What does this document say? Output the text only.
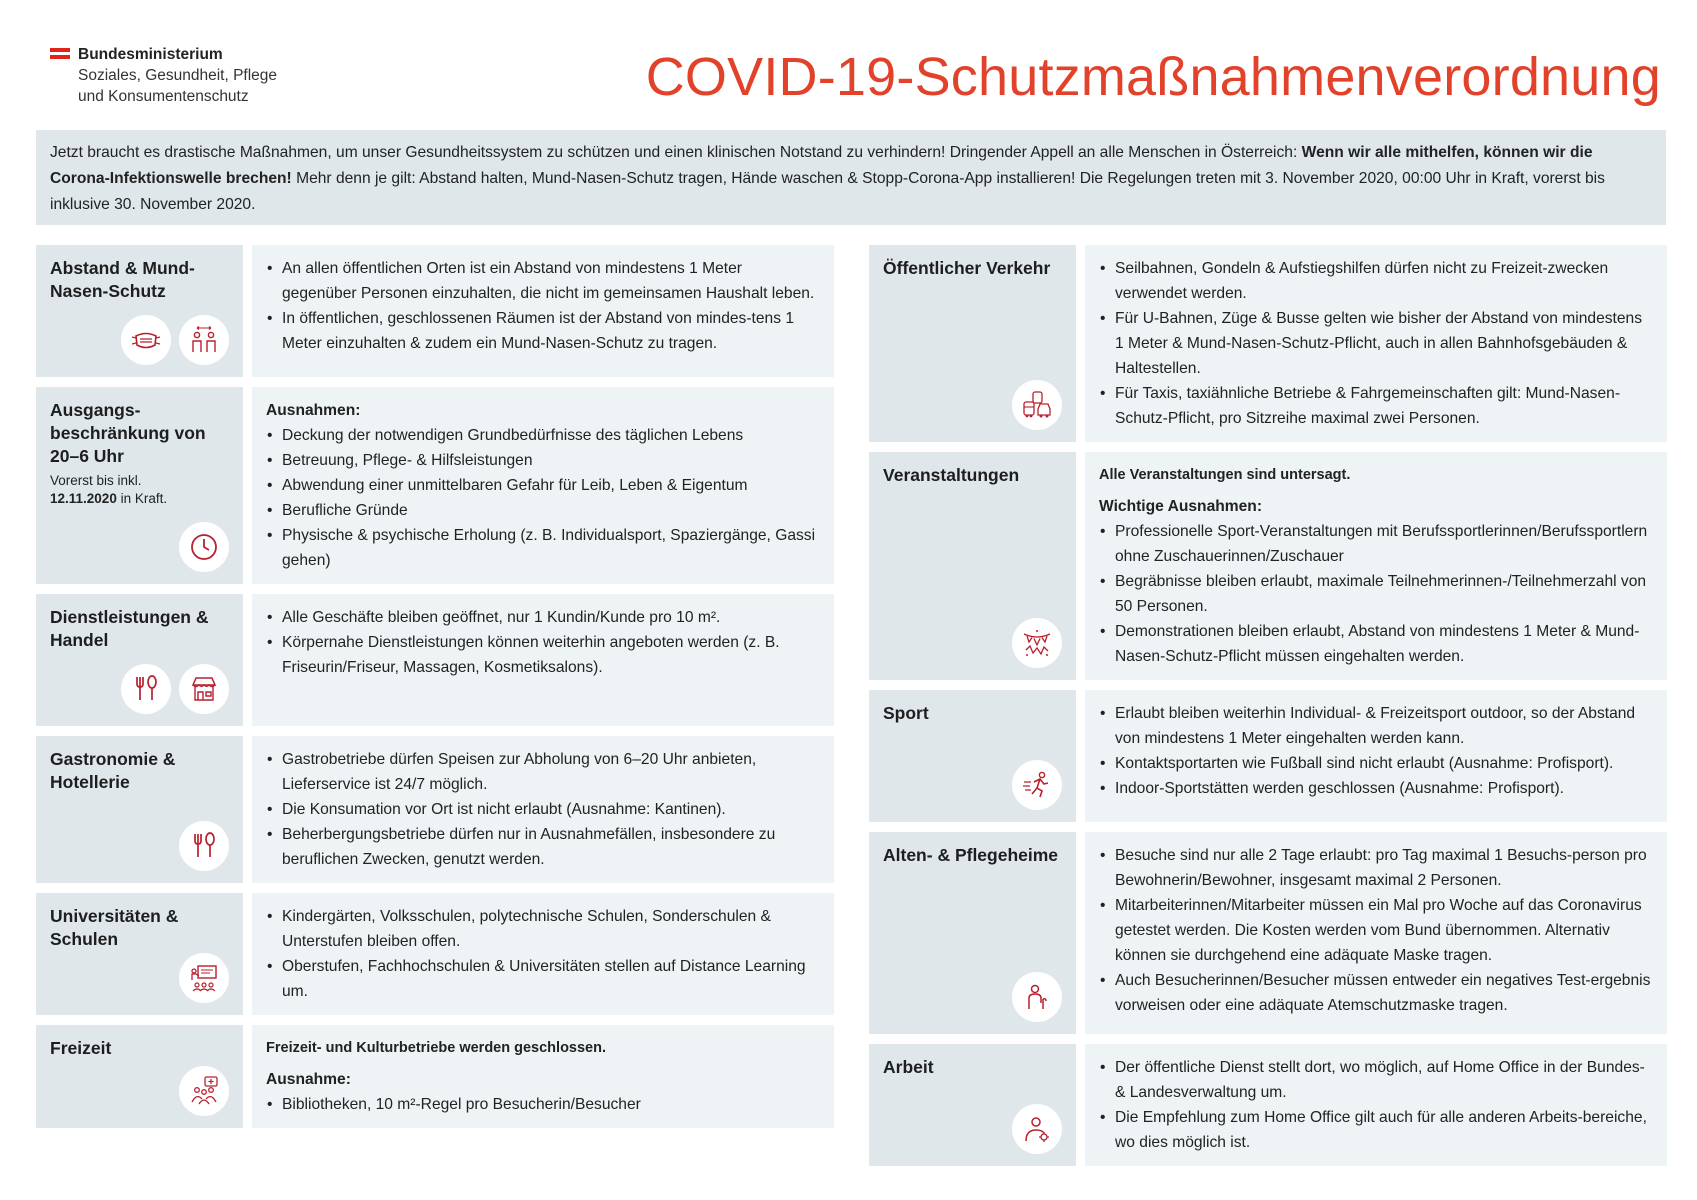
Bundesministerium
Soziales, Gesundheit, Pflege
und Konsumentenschutz	COVID-19-Schutzmaßnahmenverordnung
Jetzt braucht es drastische Maßnahmen, um unser Gesundheitssystem zu schützen und einen klinischen Notstand zu verhindern! Dringender Appell an alle Menschen in Österreich: Wenn wir alle mithelfen, können wir die Corona-Infektionswelle brechen! Mehr denn je gilt: Abstand halten, Mund-Nasen-Schutz tragen, Hände waschen & Stopp-Corona-App installieren! Die Regelungen treten mit 3. November 2020, 00:00 Uhr in Kraft, vorerst bis inklusive 30. November 2020.
Abstand & Mund-Nasen-Schutz
• An allen öffentlichen Orten ist ein Abstand von mindestens 1 Meter gegenüber Personen einzuhalten, die nicht im gemeinsamen Haushalt leben.
• In öffentlichen, geschlossenen Räumen ist der Abstand von mindes-tens 1 Meter einzuhalten & zudem ein Mund-Nasen-Schutz zu tragen.
Ausgangs-beschränkung von 20–6 Uhr
Vorerst bis inkl.
12.11.2020 in Kraft.
Ausnahmen:
• Deckung der notwendigen Grundbedürfnisse des täglichen Lebens
• Betreuung, Pflege- & Hilfsleistungen
• Abwendung einer unmittelbaren Gefahr für Leib, Leben & Eigentum
• Berufliche Gründe
• Physische & psychische Erholung (z. B. Individualsport, Spaziergänge, Gassi gehen)
Dienstleistungen & Handel
• Alle Geschäfte bleiben geöffnet, nur 1 Kundin/Kunde pro 10 m².
• Körpernahe Dienstleistungen können weiterhin angeboten werden (z. B. Friseurin/Friseur, Massagen, Kosmetiksalons).
Gastronomie & Hotellerie
• Gastrobetriebe dürfen Speisen zur Abholung von 6–20 Uhr anbieten, Lieferservice ist 24/7 möglich.
• Die Konsumation vor Ort ist nicht erlaubt (Ausnahme: Kantinen).
• Beherbergungsbetriebe dürfen nur in Ausnahmefällen, insbesondere zu beruflichen Zwecken, genutzt werden.
Universitäten & Schulen
• Kindergärten, Volksschulen, polytechnische Schulen, Sonderschulen & Unterstufen bleiben offen.
• Oberstufen, Fachhochschulen & Universitäten stellen auf Distance Learning um.
Freizeit	Freizeit- und Kulturbetriebe werden geschlossen.
Ausnahme:
• Bibliotheken, 10 m²-Regel pro Besucherin/Besucher
Öffentlicher Verkehr	• Seilbahnen, Gondeln & Aufstiegshilfen dürfen nicht zu Freizeit-zwecken verwendet werden.
• Für U-Bahnen, Züge & Busse gelten wie bisher der Abstand von mindestens 1 Meter & Mund-Nasen-Schutz-Pflicht, auch in allen Bahnhofsgebäuden & Haltestellen.
• Für Taxis, taxiähnliche Betriebe & Fahrgemeinschaften gilt: Mund-Nasen-Schutz-Pflicht, pro Sitzreihe maximal zwei Personen.
Veranstaltungen	Alle Veranstaltungen sind untersagt.
Wichtige Ausnahmen:
• Professionelle Sport-Veranstaltungen mit Berufssportlerinnen/Berufssportlern ohne Zuschauerinnen/Zuschauer
• Begräbnisse bleiben erlaubt, maximale Teilnehmerinnen-/Teilnehmerzahl von 50 Personen.
• Demonstrationen bleiben erlaubt, Abstand von mindestens 1 Meter & Mund-Nasen-Schutz-Pflicht müssen eingehalten werden.
Sport	• Erlaubt bleiben weiterhin Individual- & Freizeitsport outdoor, so der Abstand von mindestens 1 Meter eingehalten werden kann.
• Kontaktsportarten wie Fußball sind nicht erlaubt (Ausnahme: Profisport).
• Indoor-Sportstätten werden geschlossen (Ausnahme: Profisport).
Alten- & Pflegeheime	• Besuche sind nur alle 2 Tage erlaubt: pro Tag maximal 1 Besuchs-person pro Bewohnerin/Bewohner, insgesamt maximal 2 Personen.
• Mitarbeiterinnen/Mitarbeiter müssen ein Mal pro Woche auf das Coronavirus getestet werden. Die Kosten werden vom Bund übernommen. Alternativ können sie durchgehend eine adäquate Maske tragen.
• Auch Besucherinnen/Besucher müssen entweder ein negatives Test-ergebnis vorweisen oder eine adäquate Atemschutzmaske tragen.
Arbeit	• Der öffentliche Dienst stellt dort, wo möglich, auf Home Office in der Bundes- & Landesverwaltung um.
• Die Empfehlung zum Home Office gilt auch für alle anderen Arbeits-bereiche, wo dies möglich ist.
